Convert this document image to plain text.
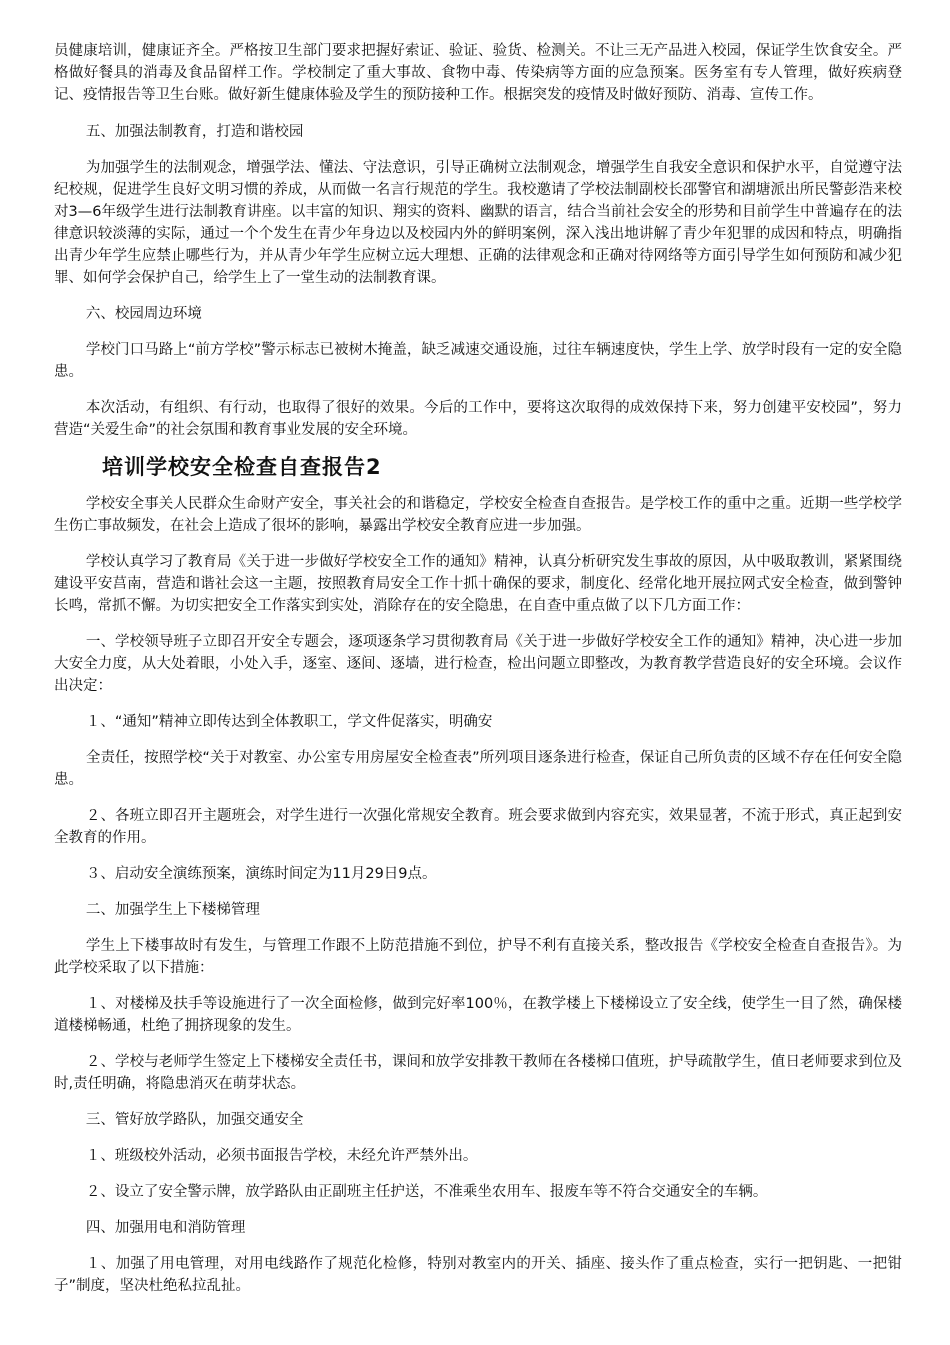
员健康培训，健康证齐全。严格按卫生部门要求把握好索证、验证、验货、检测关。不让三无产品进入校园，保证学生饮食安全。严格做好餐具的消毒及食品留样工作。学校制定了重大事故、食物中毒、传染病等方面的应急预案。医务室有专人管理，做好疾病登记、疫情报告等卫生台账。做好新生健康体验及学生的预防接种工作。根据突发的疫情及时做好预防、消毒、宣传工作。

五、加强法制教育，打造和谐校园

为加强学生的法制观念，增强学法、懂法、守法意识，引导正确树立法制观念，增强学生自我安全意识和保护水平，自觉遵守法纪校规，促进学生良好文明习惯的养成，从而做一名言行规范的学生。我校邀请了学校法制副校长邵警官和湖塘派出所民警彭浩来校对3—6年级学生进行法制教育讲座。以丰富的知识、翔实的资料、幽默的语言，结合当前社会安全的形势和目前学生中普遍存在的法律意识较淡薄的实际，通过一个个发生在青少年身边以及校园内外的鲜明案例，深入浅出地讲解了青少年犯罪的成因和特点，明确指出青少年学生应禁止哪些行为，并从青少年学生应树立远大理想、正确的法律观念和正确对待网络等方面引导学生如何预防和减少犯罪、如何学会保护自己，给学生上了一堂生动的法制教育课。

六、校园周边环境

学校门口马路上“前方学校”警示标志已被树木掩盖，缺乏减速交通设施，过往车辆速度快，学生上学、放学时段有一定的安全隐患。

本次活动，有组织、有行动，也取得了很好的效果。今后的工作中，要将这次取得的成效保持下来，努力创建平安校园”，努力营造“关爱生命”的社会氛围和教育事业发展的安全环境。

培训学校安全检查自查报告2

学校安全事关人民群众生命财产安全，事关社会的和谐稳定，学校安全检查自查报告。是学校工作的重中之重。近期一些学校学生伤亡事故频发，在社会上造成了很坏的影响，暴露出学校安全教育应进一步加强。

学校认真学习了教育局《关于进一步做好学校安全工作的通知》精神，认真分析研究发生事故的原因，从中吸取教训，紧紧围绕建设平安莒南，营造和谐社会这一主题，按照教育局安全工作十抓十确保的要求，制度化、经常化地开展拉网式安全检查，做到警钟长鸣，常抓不懈。为切实把安全工作落实到实处，消除存在的安全隐患，在自查中重点做了以下几方面工作：

一、学校领导班子立即召开安全专题会，逐项逐条学习贯彻教育局《关于进一步做好学校安全工作的通知》精神，决心进一步加大安全力度，从大处着眼，小处入手，逐室、逐间、逐墙，进行检查，检出问题立即整改，为教育教学营造良好的安全环境。会议作出决定：

１、“通知”精神立即传达到全体教职工，学文件促落实，明确安

全责任，按照学校“关于对教室、办公室专用房屋安全检查表”所列项目逐条进行检查，保证自己所负责的区域不存在任何安全隐患。

２、各班立即召开主题班会，对学生进行一次强化常规安全教育。班会要求做到内容充实，效果显著，不流于形式，真正起到安全教育的作用。

３、启动安全演练预案，演练时间定为11月29日9点。

二、加强学生上下楼梯管理

学生上下楼事故时有发生，与管理工作跟不上防范措施不到位，护导不利有直接关系，整改报告《学校安全检查自查报告》。为此学校采取了以下措施：

１、对楼梯及扶手等设施进行了一次全面检修，做到完好率100％，在教学楼上下楼梯设立了安全线，使学生一目了然，确保楼道楼梯畅通，杜绝了拥挤现象的发生。

２、学校与老师学生签定上下楼梯安全责任书，课间和放学安排教干教师在各楼梯口值班，护导疏散学生，值日老师要求到位及时,责任明确，将隐患消灭在萌芽状态。

三、管好放学路队，加强交通安全

１、班级校外活动，必须书面报告学校，未经允许严禁外出。

２、设立了安全警示牌，放学路队由正副班主任护送，不准乘坐农用车、报废车等不符合交通安全的车辆。

四、加强用电和消防管理

１、加强了用电管理，对用电线路作了规范化检修，特别对教室内的开关、插座、接头作了重点检查，实行一把钥匙、一把钳子”制度，坚决杜绝私拉乱扯。
